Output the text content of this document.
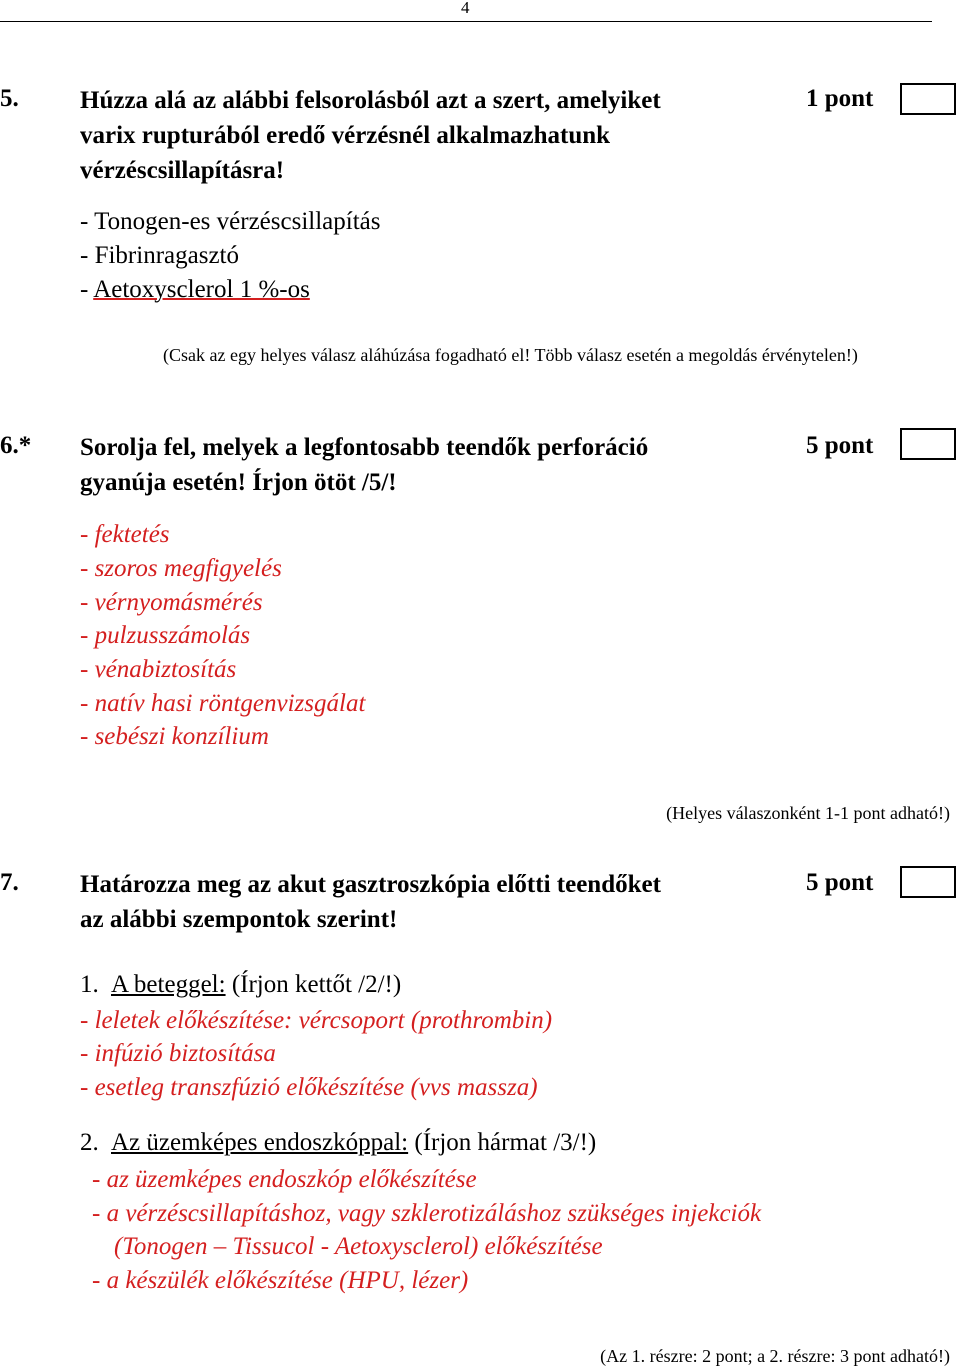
4
5. Húzza alá az alábbi felsorolásból azt a szert, amelyiket
varix rupturából eredő vérzésnél alkalmazhatunk
vérzéscsillapításra!
1 pont
- Tonogen-es vérzéscsillapítás
- Fibrinragasztó
- Aetoxysclerol 1 %-os
(Csak az egy helyes válasz aláhúzása fogadható el! Több válasz esetén a megoldás érvénytelen!)
6.* Sorolja fel, melyek a legfontosabb teendők perforáció
gyanúja esetén! Írjon ötöt /5/!
5 pont
- fektetés
- szoros megfigyelés
- vérnyomásmérés
- pulzusszámolás
- vénabiztosítás
- natív hasi röntgenvizsgálat
- sebészi konzílium
(Helyes válaszonként 1-1 pont adható!)
7. Határozza meg az akut gasztroszkópia előtti teendőket
az alábbi szempontok szerint!
5 pont
1. A beteggel: (Írjon kettőt /2/!)
- leletek előkészítése: vércsoport (prothrombin)
- infúzió biztosítása
- esetleg transzfúzió előkészítése (vvs massza)
2. Az üzemképes endoszkóppal: (Írjon hármat /3/!)
- az üzemképes endoszkóp előkészítése
- a vérzéscsillapításhoz, vagy szklerotizáláshoz szükséges injekciók
(Tonogen – Tissucol - Aetoxysclerol) előkészítése
- a készülék előkészítése (HPU, lézer)
(Az 1. részre: 2 pont; a 2. részre: 3 pont adható!)
